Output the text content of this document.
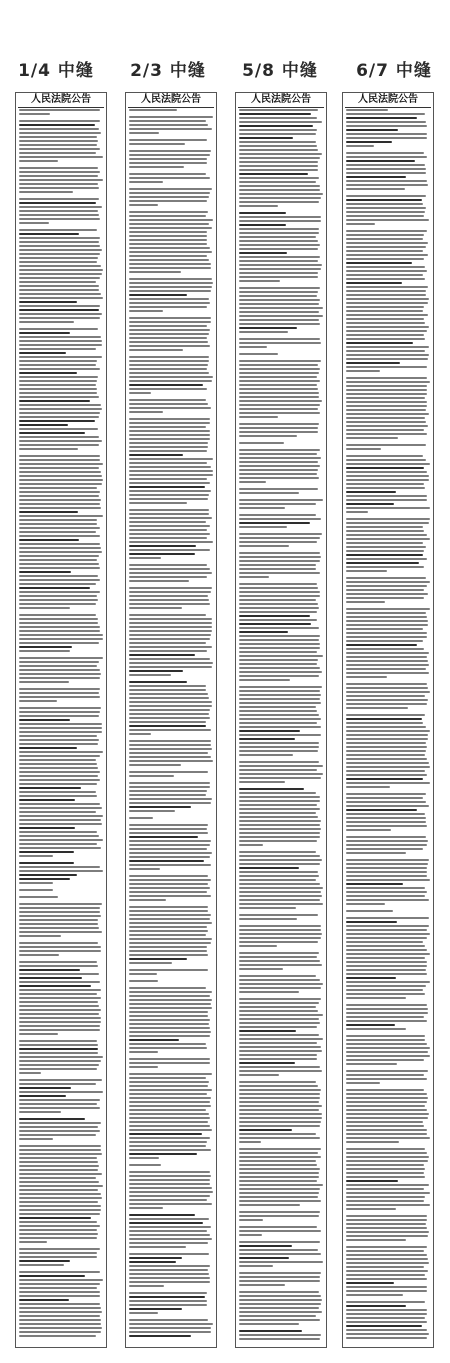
1/4 中缝	2/3 中缝	5/8 中缝	6/7 中缝
人民法院公告	人民法院公告	人民法院公告	人民法院公告
